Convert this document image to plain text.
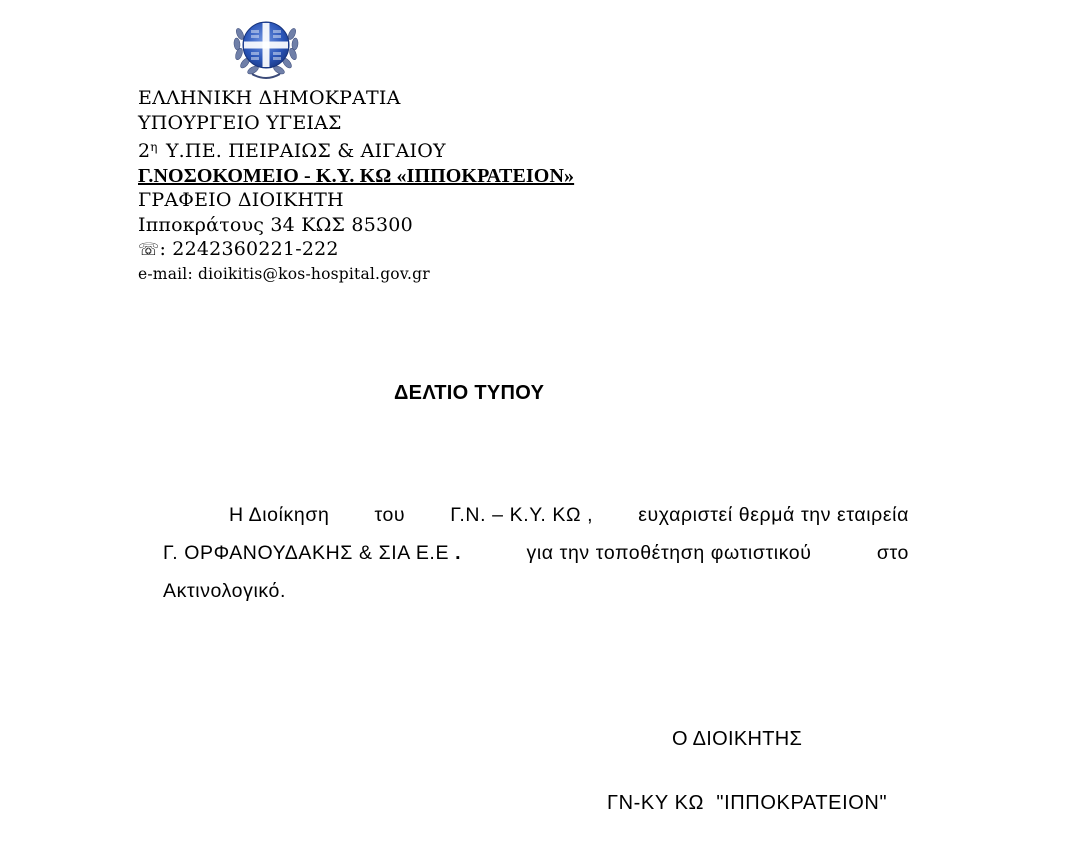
ΕΛΛΗΝΙΚΗ ΔΗΜΟΚΡΑΤΙΑ
ΥΠΟΥΡΓΕΙΟ ΥΓΕΙΑΣ
$2^\eta$ Υ.ΠΕ. ΠΕΙΡΑΙΩΣ & ΑΙΓΑΙΟΥ
Γ.ΝΟΣΟΚΟΜΕΙΟ - Κ.Υ. ΚΩ «ΙΠΠΟΚΡΑΤΕΙΟΝ»
ΓΡΑΦΕΙΟ ΔΙΟΙΚΗΤΗ
Ιπποκράτους 34 ΚΩΣ 85300
☏: 2242360221-222
e-mail: dioikitis@kos-hospital.gov.gr
ΔΕΛΤΙΟ ΤΥΠΟΥ
Η Διοίκηση του Γ.Ν. – Κ.Υ. ΚΩ , ευχαριστεί θερμά την εταιρεία
Γ. ΟΡΦΑΝΟΥΔΑΚΗΣ & ΣΙΑ Ε.Ε .	για την τοποθέτηση φωτιστικού	στο
Ακτινολογικό.
Ο ΔΙΟΙΚΗΤΗΣ
ΓΝ-ΚΥ ΚΩ  "ΙΠΠΟΚΡΑΤΕΙΟΝ"
